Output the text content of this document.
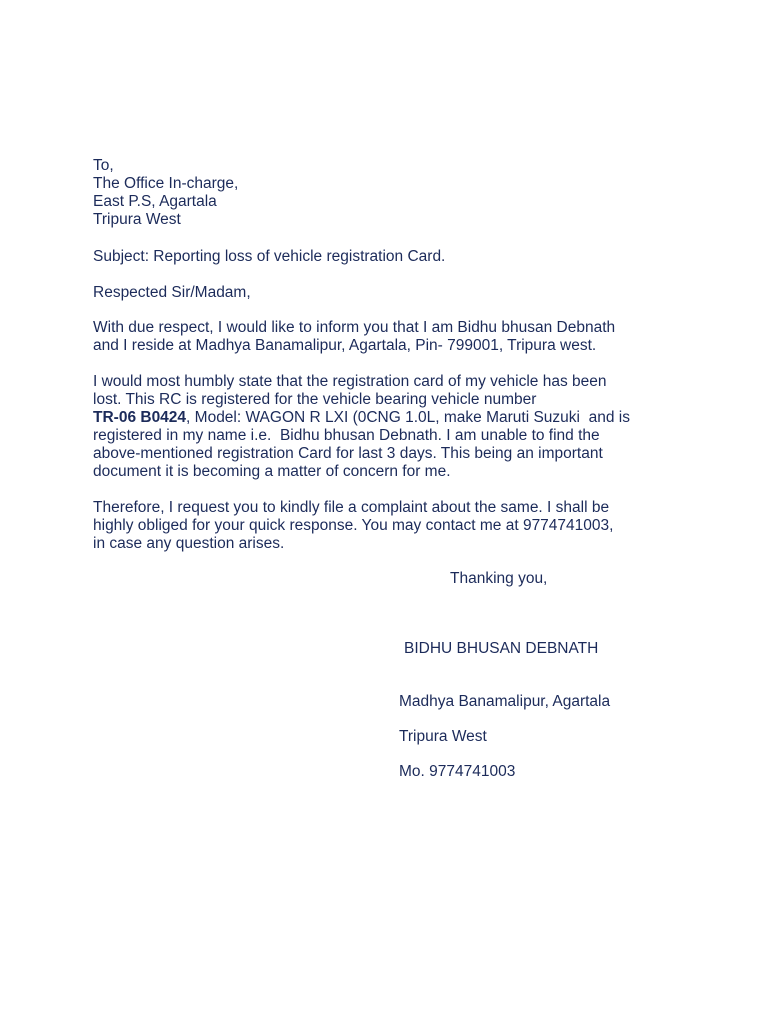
To,
The Office In-charge,
East P.S, Agartala
Tripura West
Subject: Reporting loss of vehicle registration Card.
Respected Sir/Madam,
With due respect, I would like to inform you that I am Bidhu bhusan Debnath
and I reside at Madhya Banamalipur, Agartala, Pin- 799001, Tripura west.
I would most humbly state that the registration card of my vehicle has been
lost. This RC is registered for the vehicle bearing vehicle number
TR-06 B0424, Model: WAGON R LXI (0CNG 1.0L, make Maruti Suzuki  and is
registered in my name i.e.  Bidhu bhusan Debnath. I am unable to find the
above-mentioned registration Card for last 3 days. This being an important
document it is becoming a matter of concern for me.
Therefore, I request you to kindly file a complaint about the same. I shall be
highly obliged for your quick response. You may contact me at 9774741003,
in case any question arises.

Thanking you,

BIDHU BHUSAN DEBNATH

Madhya Banamalipur, Agartala

Tripura West

Mo. 9774741003
